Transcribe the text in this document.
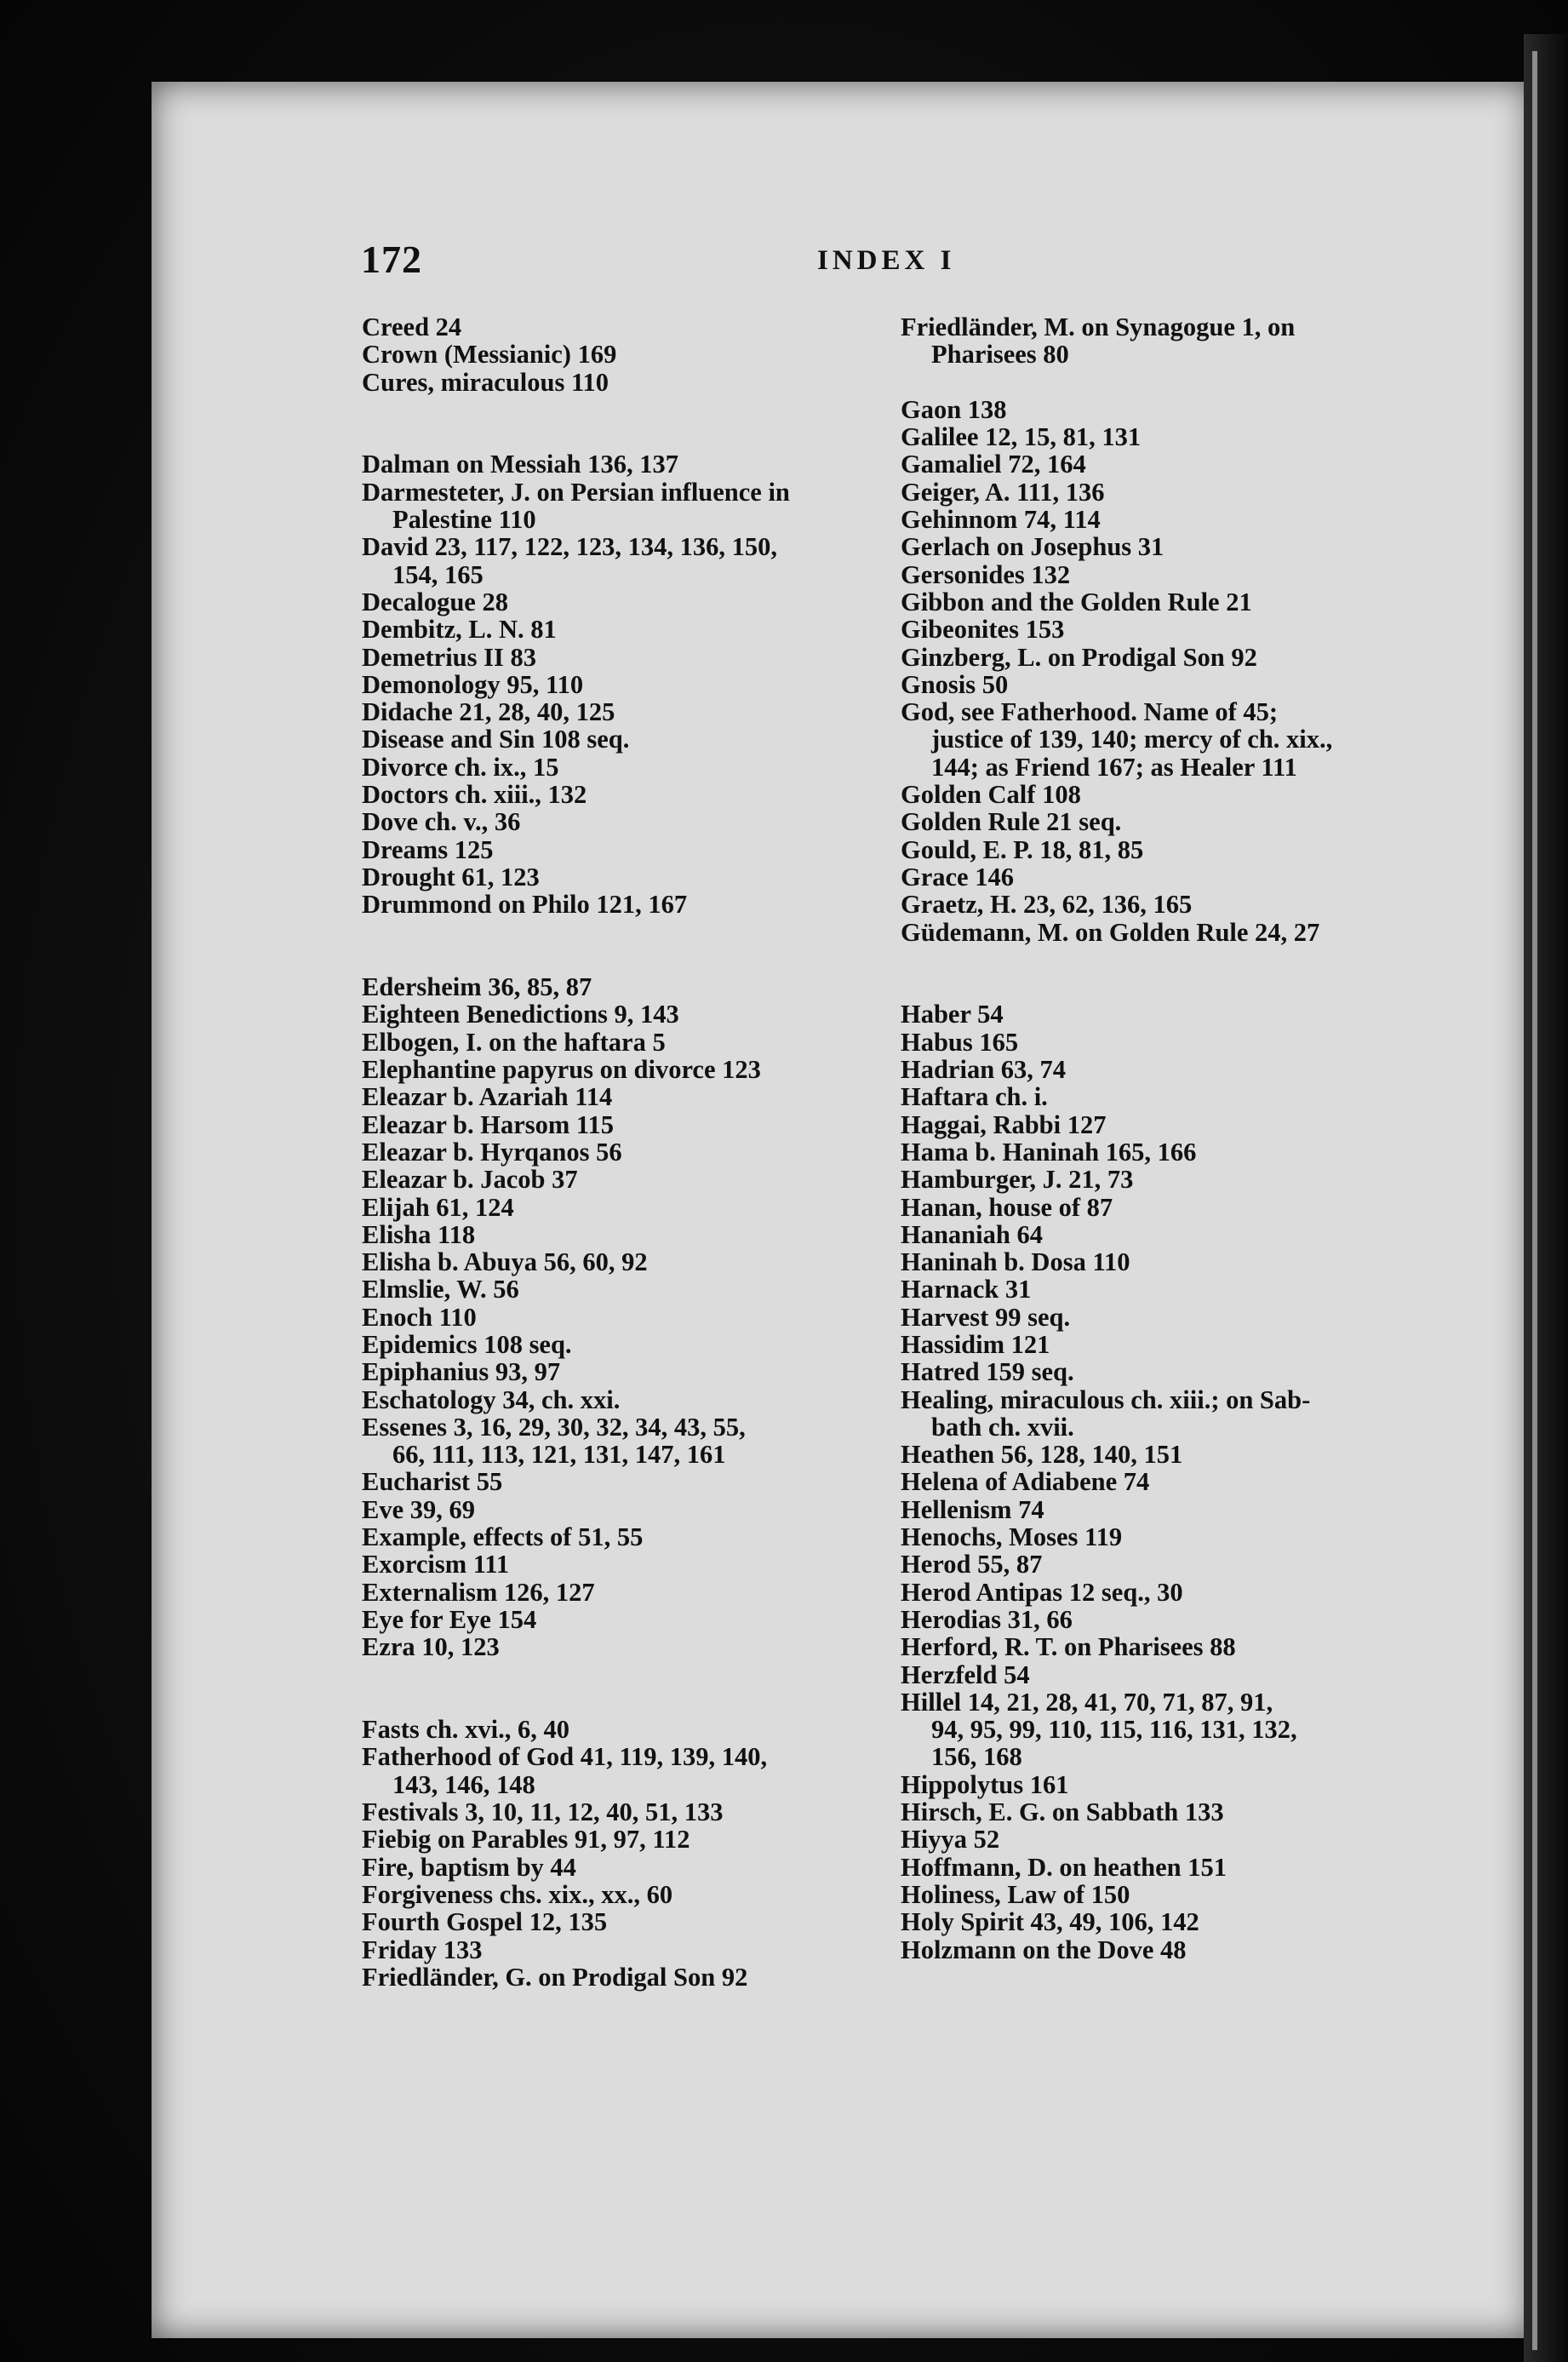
172	INDEX I
Creed 24
Crown (Messianic) 169
Cures, miraculous 110
Dalman on Messiah 136, 137
Darmesteter, J. on Persian influence in
Palestine 110
David 23, 117, 122, 123, 134, 136, 150,
154, 165
Decalogue 28
Dembitz, L. N. 81
Demetrius II 83
Demonology 95, 110
Didache 21, 28, 40, 125
Disease and Sin 108 seq.
Divorce ch. ix., 15
Doctors ch. xiii., 132
Dove ch. v., 36
Dreams 125
Drought 61, 123
Drummond on Philo 121, 167
Edersheim 36, 85, 87
Eighteen Benedictions 9, 143
Elbogen, I. on the haftara 5
Elephantine papyrus on divorce 123
Eleazar b. Azariah 114
Eleazar b. Harsom 115
Eleazar b. Hyrqanos 56
Eleazar b. Jacob 37
Elijah 61, 124
Elisha 118
Elisha b. Abuya 56, 60, 92
Elmslie, W. 56
Enoch 110
Epidemics 108 seq.
Epiphanius 93, 97
Eschatology 34, ch. xxi.
Essenes 3, 16, 29, 30, 32, 34, 43, 55,
66, 111, 113, 121, 131, 147, 161
Eucharist 55
Eve 39, 69
Example, effects of 51, 55
Exorcism 111
Externalism 126, 127
Eye for Eye 154
Ezra 10, 123
Fasts ch. xvi., 6, 40
Fatherhood of God 41, 119, 139, 140,
143, 146, 148
Festivals 3, 10, 11, 12, 40, 51, 133
Fiebig on Parables 91, 97, 112
Fire, baptism by 44
Forgiveness chs. xix., xx., 60
Fourth Gospel 12, 135
Friday 133
Friedländer, G. on Prodigal Son 92
Friedländer, M. on Synagogue 1, on
Pharisees 80
Gaon 138
Galilee 12, 15, 81, 131
Gamaliel 72, 164
Geiger, A. 111, 136
Gehinnom 74, 114
Gerlach on Josephus 31
Gersonides 132
Gibbon and the Golden Rule 21
Gibeonites 153
Ginzberg, L. on Prodigal Son 92
Gnosis 50
God, see Fatherhood. Name of 45;
justice of 139, 140; mercy of ch. xix.,
144; as Friend 167; as Healer 111
Golden Calf 108
Golden Rule 21 seq.
Gould, E. P. 18, 81, 85
Grace 146
Graetz, H. 23, 62, 136, 165
Güdemann, M. on Golden Rule 24, 27
Haber 54
Habus 165
Hadrian 63, 74
Haftara ch. i.
Haggai, Rabbi 127
Hama b. Haninah 165, 166
Hamburger, J. 21, 73
Hanan, house of 87
Hananiah 64
Haninah b. Dosa 110
Harnack 31
Harvest 99 seq.
Hassidim 121
Hatred 159 seq.
Healing, miraculous ch. xiii.; on Sab-
bath ch. xvii.
Heathen 56, 128, 140, 151
Helena of Adiabene 74
Hellenism 74
Henochs, Moses 119
Herod 55, 87
Herod Antipas 12 seq., 30
Herodias 31, 66
Herford, R. T. on Pharisees 88
Herzfeld 54
Hillel 14, 21, 28, 41, 70, 71, 87, 91,
94, 95, 99, 110, 115, 116, 131, 132,
156, 168
Hippolytus 161
Hirsch, E. G. on Sabbath 133
Hiyya 52
Hoffmann, D. on heathen 151
Holiness, Law of 150
Holy Spirit 43, 49, 106, 142
Holzmann on the Dove 48
